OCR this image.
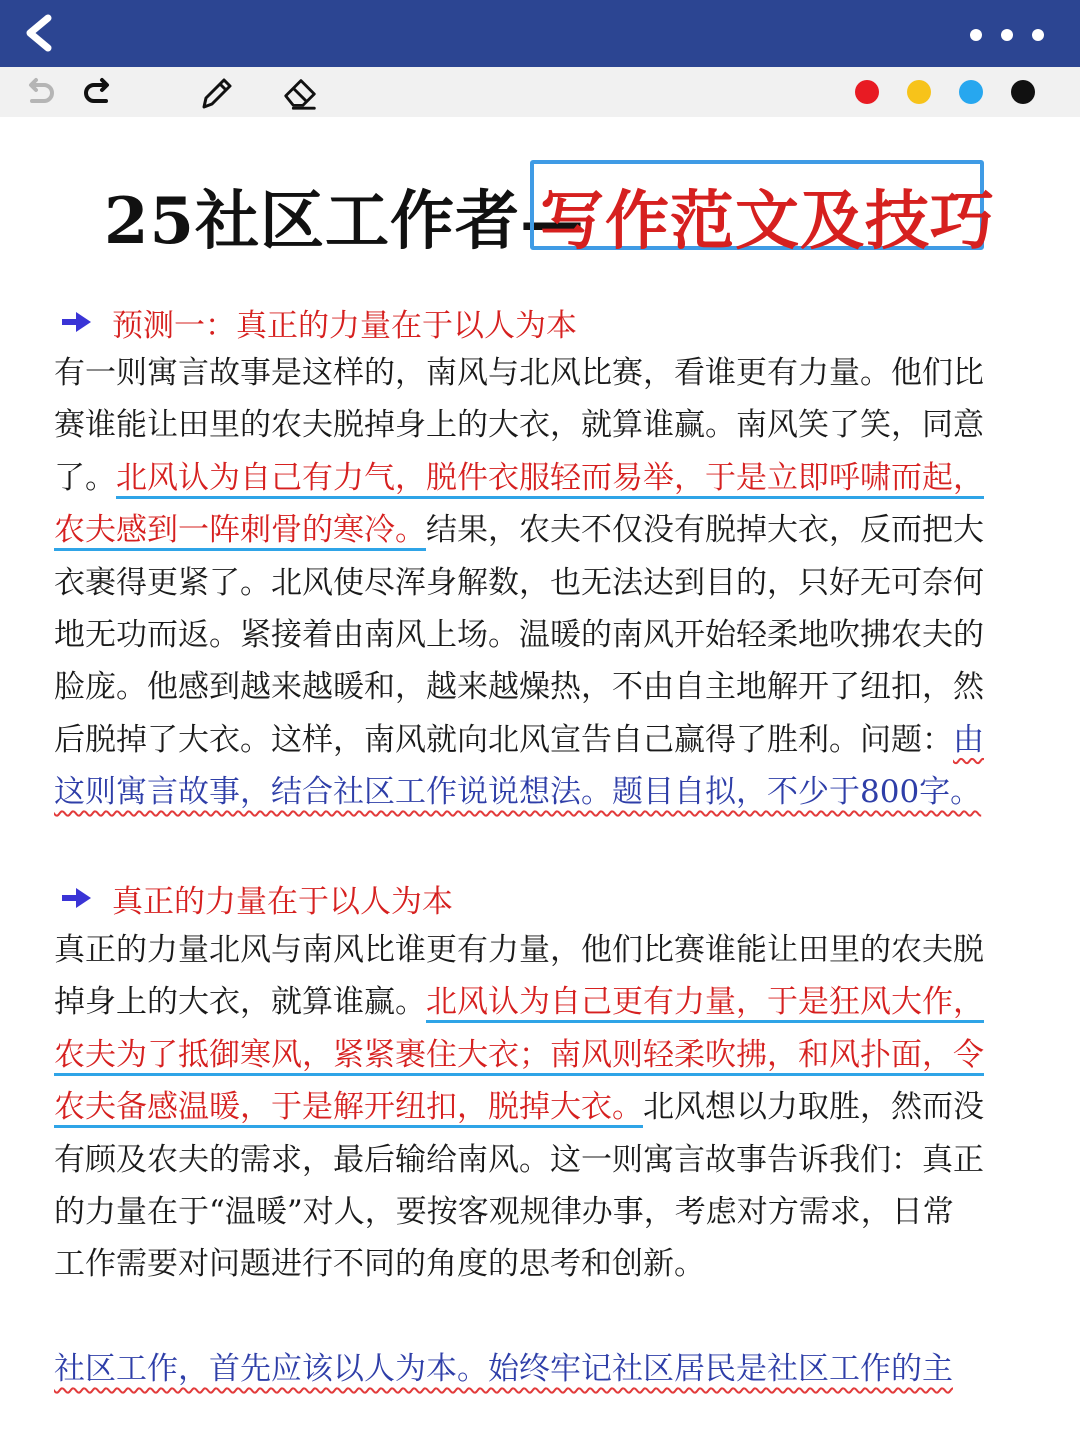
25社区工作者—
写作范文及技巧
预测一：真正的力量在于以人为本
有一则寓言故事是这样的，南风与北风比赛，看谁更有力量。他们比
赛谁能让田里的农夫脱掉身上的大衣，就算谁赢。南风笑了笑，同意
了。北风认为自己有力气，脱件衣服轻而易举，于是立即呼啸而起，
农夫感到一阵刺骨的寒冷。结果，农夫不仅没有脱掉大衣，反而把大
衣裹得更紧了。北风使尽浑身解数，也无法达到目的，只好无可奈何
地无功而返。紧接着由南风上场。温暖的南风开始轻柔地吹拂农夫的
脸庞。他感到越来越暖和，越来越燥热，不由自主地解开了纽扣，然
后脱掉了大衣。这样，南风就向北风宣告自己赢得了胜利。问题：由
这则寓言故事，结合社区工作说说想法。题目自拟，不少于800字。
真正的力量在于以人为本
真正的力量北风与南风比谁更有力量，他们比赛谁能让田里的农夫脱
掉身上的大衣，就算谁赢。北风认为自己更有力量，于是狂风大作，
农夫为了抵御寒风，紧紧裹住大衣；南风则轻柔吹拂，和风扑面，令
农夫备感温暖，于是解开纽扣，脱掉大衣。北风想以力取胜，然而没
有顾及农夫的需求，最后输给南风。这一则寓言故事告诉我们：真正
的力量在于“温暖”对人，要按客观规律办事，考虑对方需求，日常
工作需要对问题进行不同的角度的思考和创新。
社区工作，首先应该以人为本。始终牢记社区居民是社区工作的主
